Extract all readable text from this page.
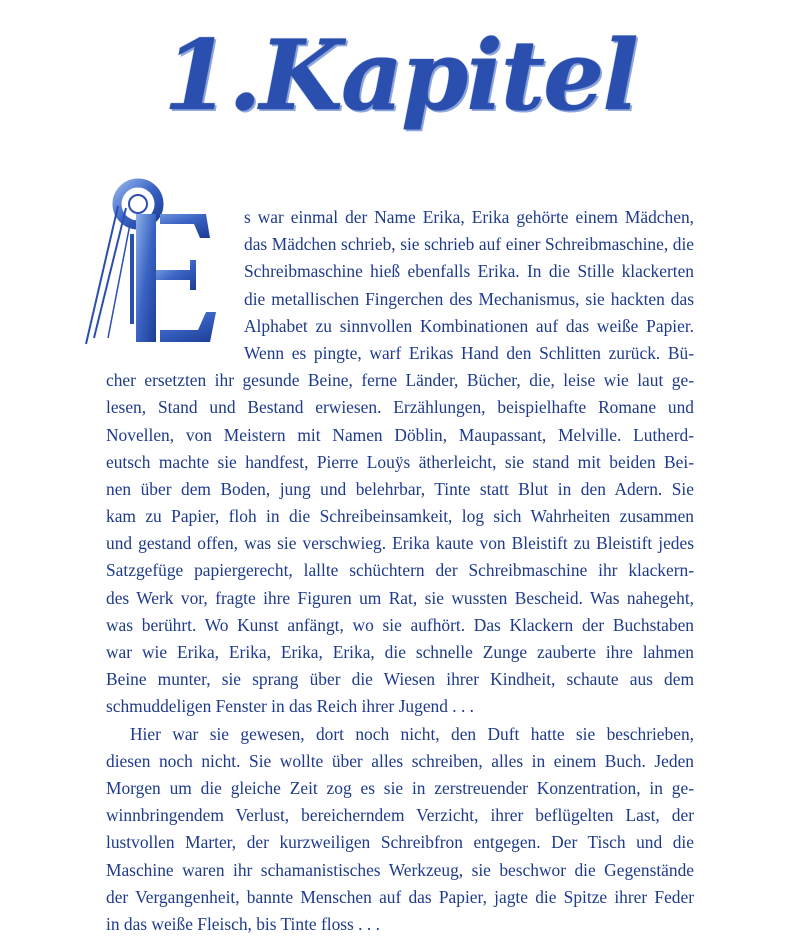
1.Kapitel
E
s war einmal der Name Erika, Erika gehörte einem Mädchen,
das Mädchen schrieb, sie schrieb auf einer Schreibmaschine, die
Schreibmaschine hieß ebenfalls Erika. In die Stille klackerten
die metallischen Fingerchen des Mechanismus, sie hackten das
Alphabet zu sinnvollen Kombinationen auf das weiße Papier.
Wenn es pingte, warf Erikas Hand den Schlitten zurück. Bü-
cher ersetzten ihr gesunde Beine, ferne Länder, Bücher, die, leise wie laut ge-
lesen, Stand und Bestand erwiesen. Erzählungen, beispielhafte Romane und
Novellen, von Meistern mit Namen Döblin, Maupassant, Melville. Lutherd-
eutsch machte sie handfest, Pierre Louÿs ätherleicht, sie stand mit beiden Bei-
nen über dem Boden, jung und belehrbar, Tinte statt Blut in den Adern. Sie
kam zu Papier, floh in die Schreibeinsamkeit, log sich Wahrheiten zusammen
und gestand offen, was sie verschwieg. Erika kaute von Bleistift zu Bleistift jedes
Satzgefüge papiergerecht, lallte schüchtern der Schreibmaschine ihr klackern-
des Werk vor, fragte ihre Figuren um Rat, sie wussten Bescheid. Was nahegeht,
was berührt. Wo Kunst anfängt, wo sie aufhört. Das Klackern der Buchstaben
war wie Erika, Erika, Erika, Erika, die schnelle Zunge zauberte ihre lahmen
Beine munter, sie sprang über die Wiesen ihrer Kindheit, schaute aus dem
schmuddeligen Fenster in das Reich ihrer Jugend . . .
Hier war sie gewesen, dort noch nicht, den Duft hatte sie beschrieben,
diesen noch nicht. Sie wollte über alles schreiben, alles in einem Buch. Jeden
Morgen um die gleiche Zeit zog es sie in zerstreuender Konzentration, in ge-
winnbringendem Verlust, bereicherndem Verzicht, ihrer beflügelten Last, der
lustvollen Marter, der kurzweiligen Schreibfron entgegen. Der Tisch und die
Maschine waren ihr schamanistisches Werkzeug, sie beschwor die Gegenstände
der Vergangenheit, bannte Menschen auf das Papier, jagte die Spitze ihrer Feder
in das weiße Fleisch, bis Tinte floss . . .
